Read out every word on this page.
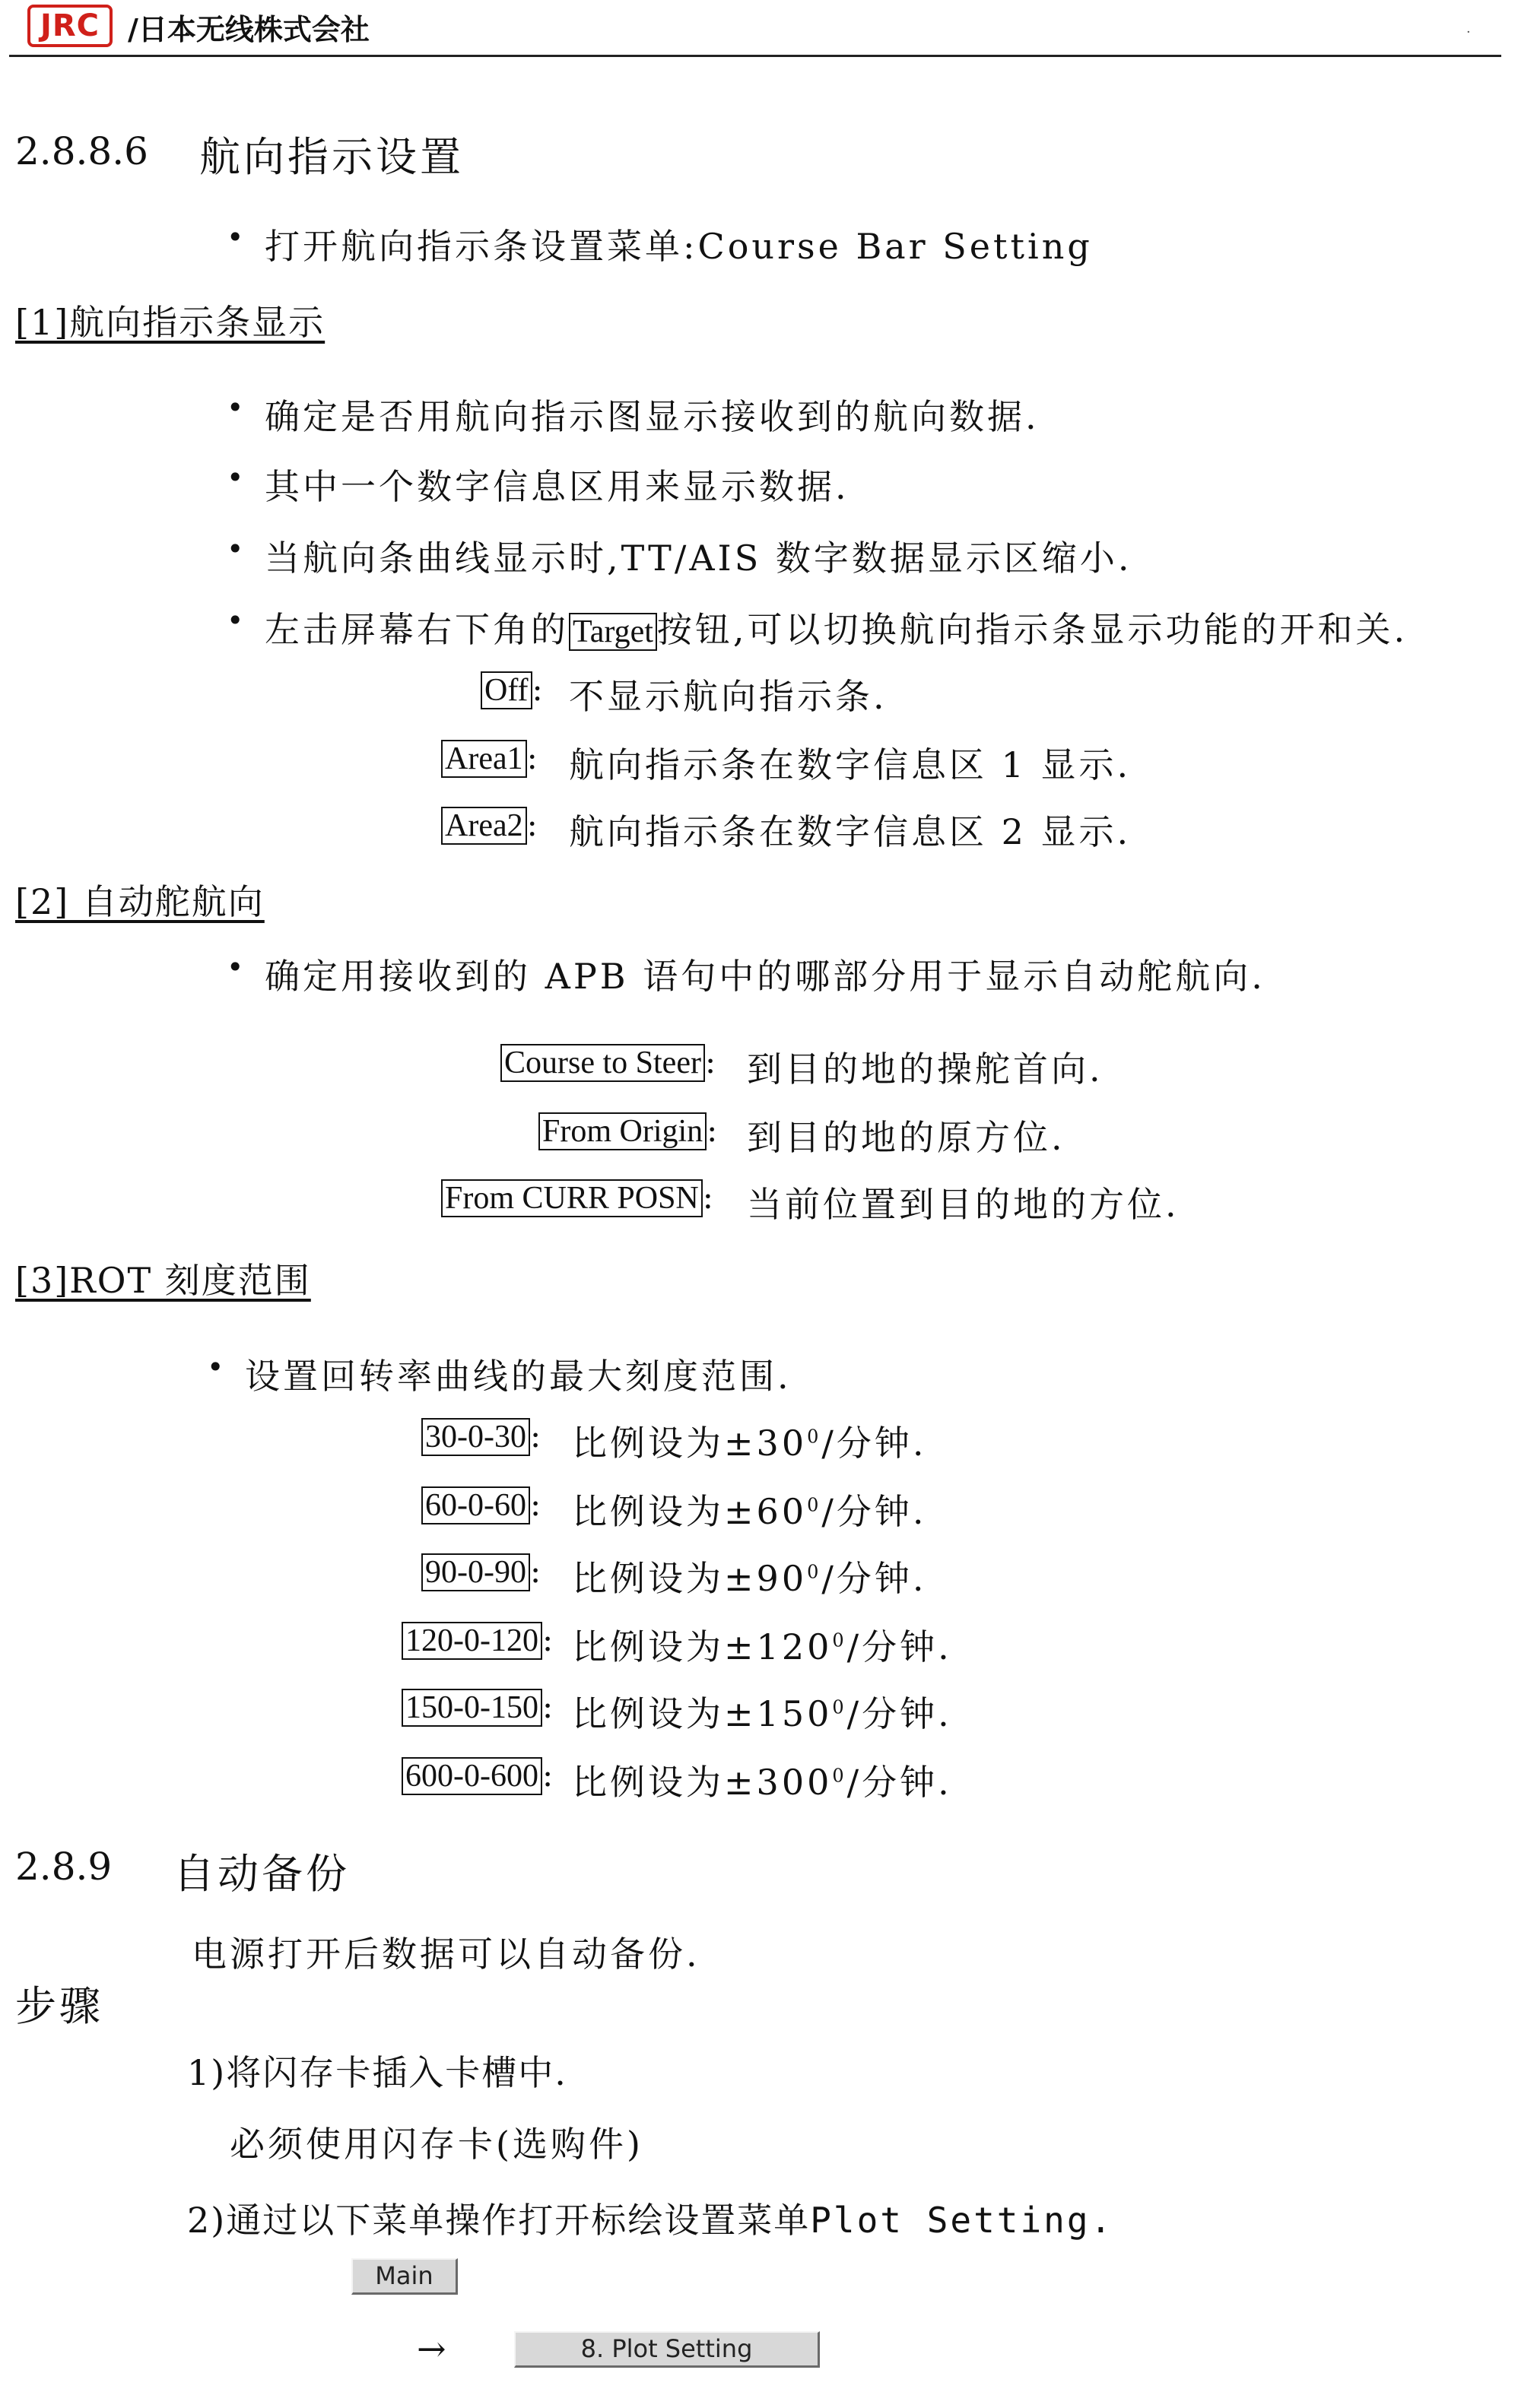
JRC /日本无线株式会社	·
2.8.8.6 航向指示设置
• 打开航向指示条设置菜单:Course Bar Setting
[1]航向指示条显示
• 确定是否用航向指示图显示接收到的航向数据.
• 其中一个数字信息区用来显示数据.
• 当航向条曲线显示时,TT/AIS 数字数据显示区缩小.
• 左击屏幕右下角的 Target 按钮,可以切换航向指示条显示功能的开和关.
Off : 不显示航向指示条.
Area1 : 航向指示条在数字信息区 1 显示.
Area2 : 航向指示条在数字信息区 2 显示.
[2] 自动舵航向
• 确定用接收到的 APB 语句中的哪部分用于显示自动舵航向.
Course to Steer : 到目的地的操舵首向.
From Origin : 到目的地的原方位.
From CURR POSN : 当前位置到目的地的方位.
[3]ROT 刻度范围
• 设置回转率曲线的最大刻度范围.
30-0-30 : 比例设为$\pm 30^0/$分钟.
60-0-60 : 比例设为$\pm 60^0/$分钟.
90-0-90 : 比例设为$\pm 90^0/$分钟.
120-0-120 : 比例设为$\pm 120^0/$分钟.
150-0-150 : 比例设为$\pm 150^0/$分钟.
600-0-600 : 比例设为$\pm 300^0/$分钟.
2.8.9 自动备份
电源打开后数据可以自动备份.
步骤
1)将闪存卡插入卡槽中.
必须使用闪存卡(选购件)
2)通过以下菜单操作打开标绘设置菜单Plot Setting.
Main
→	8. Plot Setting
